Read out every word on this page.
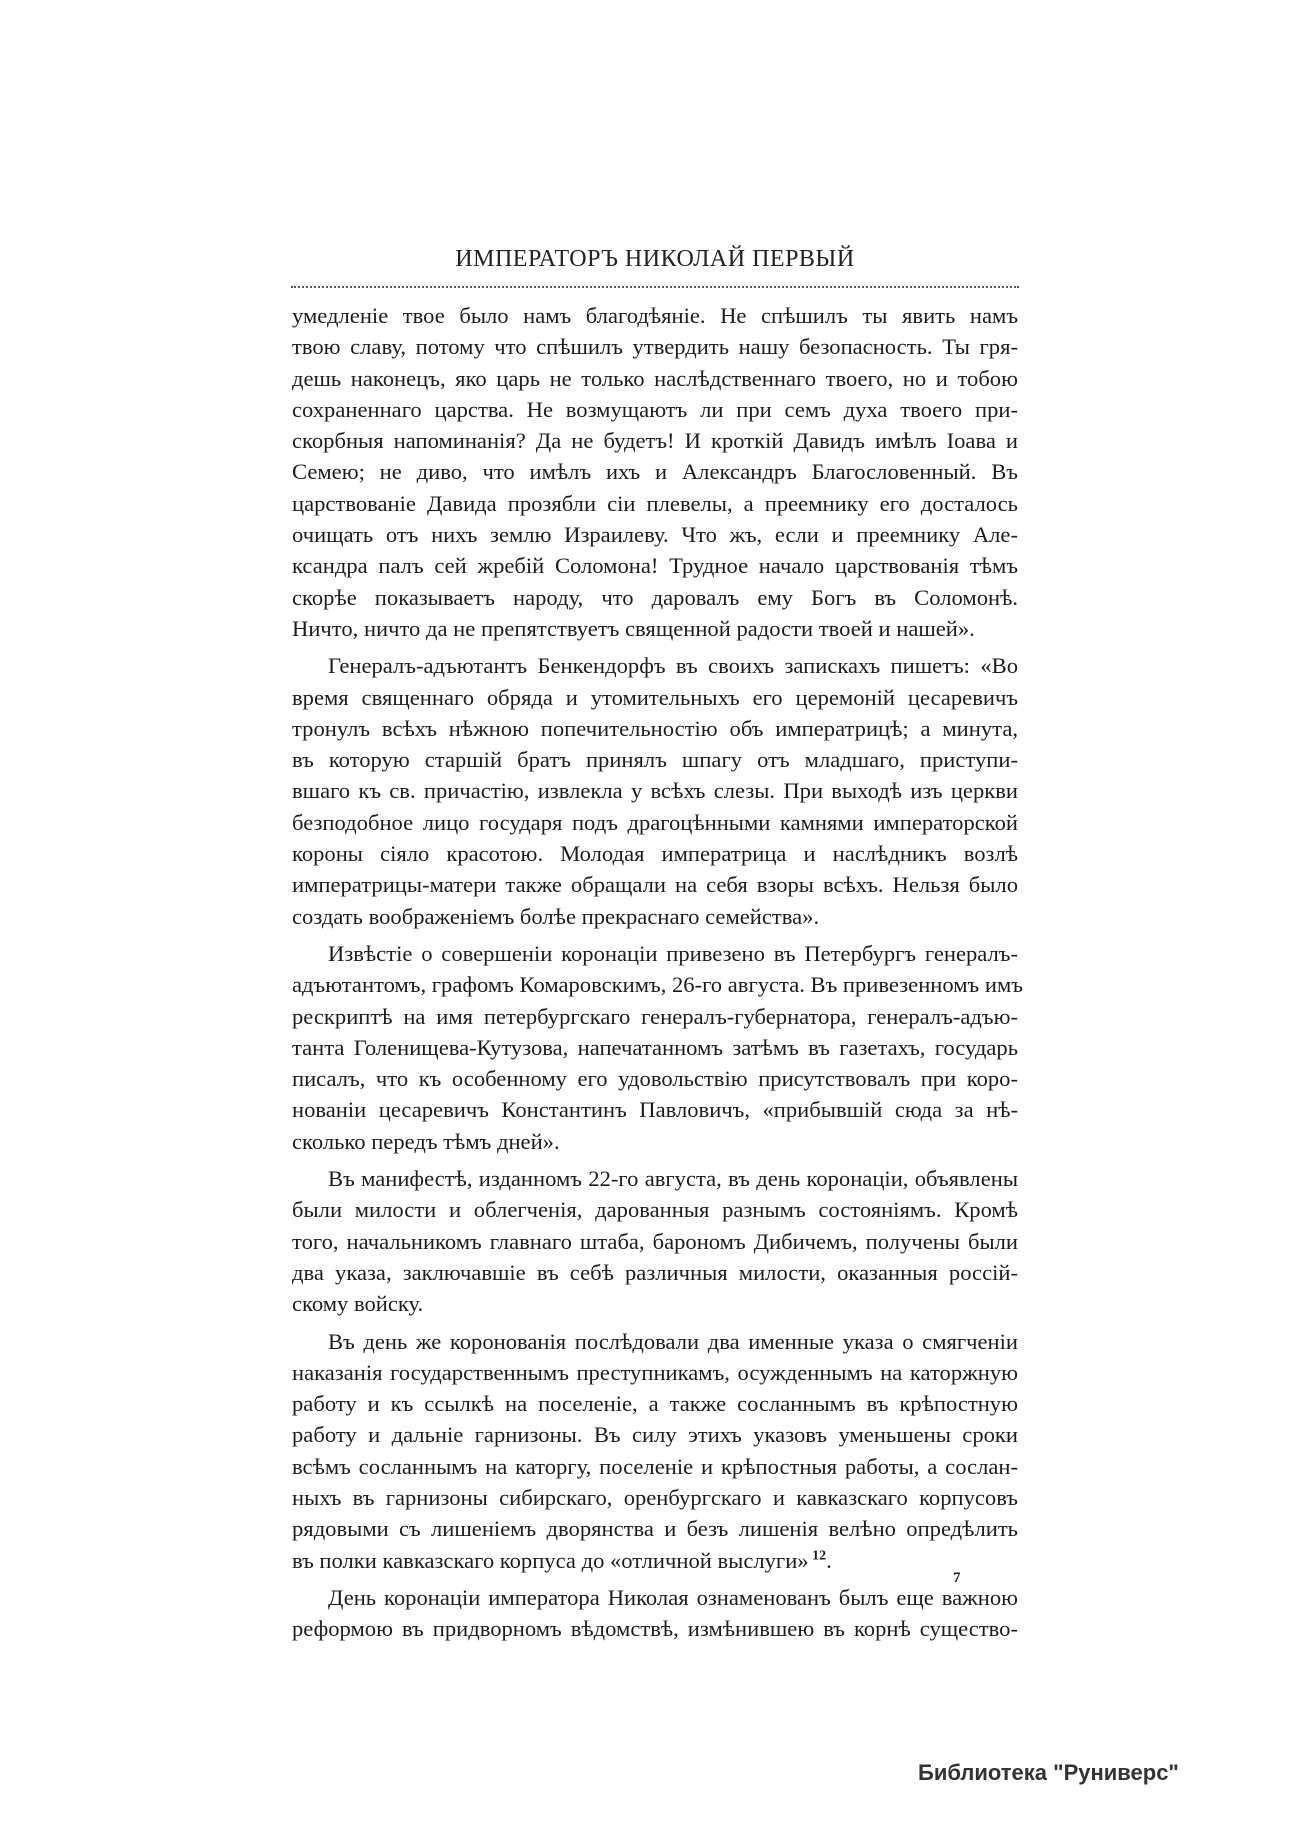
ИМПЕРАТОРЪ НИКОЛАЙ ПЕРВЫЙ
умедленіе твое было намъ благодѣяніе. Не спѣшилъ ты явить намъ
твою славу, потому что спѣшилъ утвердить нашу безопасность. Ты гря-
дешь наконецъ, яко царь не только наслѣдственнаго твоего, но и тобою
сохраненнаго царства. Не возмущаютъ ли при семъ духа твоего при-
скорбныя напоминанія? Да не будетъ! И кроткій Давидъ имѣлъ Іоава и
Семею; не диво, что имѣлъ ихъ и Александръ Благословенный. Въ
царствованіе Давида прозябли сіи плевелы, а преемнику его досталось
очищать отъ нихъ землю Израилеву. Что жъ, если и преемнику Але-
ксандра палъ сей жребій Соломона! Трудное начало царствованія тѣмъ
скорѣе показываетъ народу, что даровалъ ему Богъ въ Соломонѣ.
Ничто, ничто да не препятствуетъ священной радости твоей и нашей».
Генералъ-адъютантъ Бенкендорфъ въ своихъ запискахъ пишетъ: «Во
время священнаго обряда и утомительныхъ его церемоній цесаревичъ
тронулъ всѣхъ нѣжною попечительностію объ императрицѣ; а минута,
въ которую старшій братъ принялъ шпагу отъ младшаго, приступи-
вшаго къ св. причастію, извлекла у всѣхъ слезы. При выходѣ изъ церкви
безподобное лицо государя подъ драгоцѣнными камнями императорской
короны сіяло красотою. Молодая императрица и наслѣдникъ возлѣ
императрицы-матери также обращали на себя взоры всѣхъ. Нельзя было
создать воображеніемъ болѣе прекраснаго семейства».
Извѣстіе о совершеніи коронаціи привезено въ Петербургъ генералъ-
адъютантомъ, графомъ Комаровскимъ, 26-го августа. Въ привезенномъ имъ
рескриптѣ на имя петербургскаго генералъ-губернатора, генералъ-адъю-
танта Голенищева-Кутузова, напечатанномъ затѣмъ въ газетахъ, государь
писалъ, что къ особенному его удовольствію присутствовалъ при коро-
нованіи цесаревичъ Константинъ Павловичъ, «прибывшій сюда за нѣ-
сколько передъ тѣмъ дней».
Въ манифестѣ, изданномъ 22-го августа, въ день коронаціи, объявлены
были милости и облегченія, дарованныя разнымъ состояніямъ. Кромѣ
того, начальникомъ главнаго штаба, барономъ Дибичемъ, получены были
два указа, заключавшіе въ себѣ различныя милости, оказанныя россій-
скому войску.
Въ день же коронованія послѣдовали два именные указа о смягченіи
наказанія государственнымъ преступникамъ, осужденнымъ на каторжную
работу и къ ссылкѣ на поселеніе, а также сосланнымъ въ крѣпостную
работу и дальніе гарнизоны. Въ силу этихъ указовъ уменьшены сроки
всѣмъ сосланнымъ на каторгу, поселеніе и крѣпостныя работы, а сослан-
ныхъ въ гарнизоны сибирскаго, оренбургскаго и кавказскаго корпусовъ
рядовыми съ лишеніемъ дворянства и безъ лишенія велѣно опредѣлить
въ полки кавказскаго корпуса до «отличной выслуги» $^{12}$.
День коронаціи императора Николая ознаменованъ былъ еще важною
реформою въ придворномъ вѣдомствѣ, измѣнившею въ корнѣ существо-
7
Библиотека "Руниверс"
